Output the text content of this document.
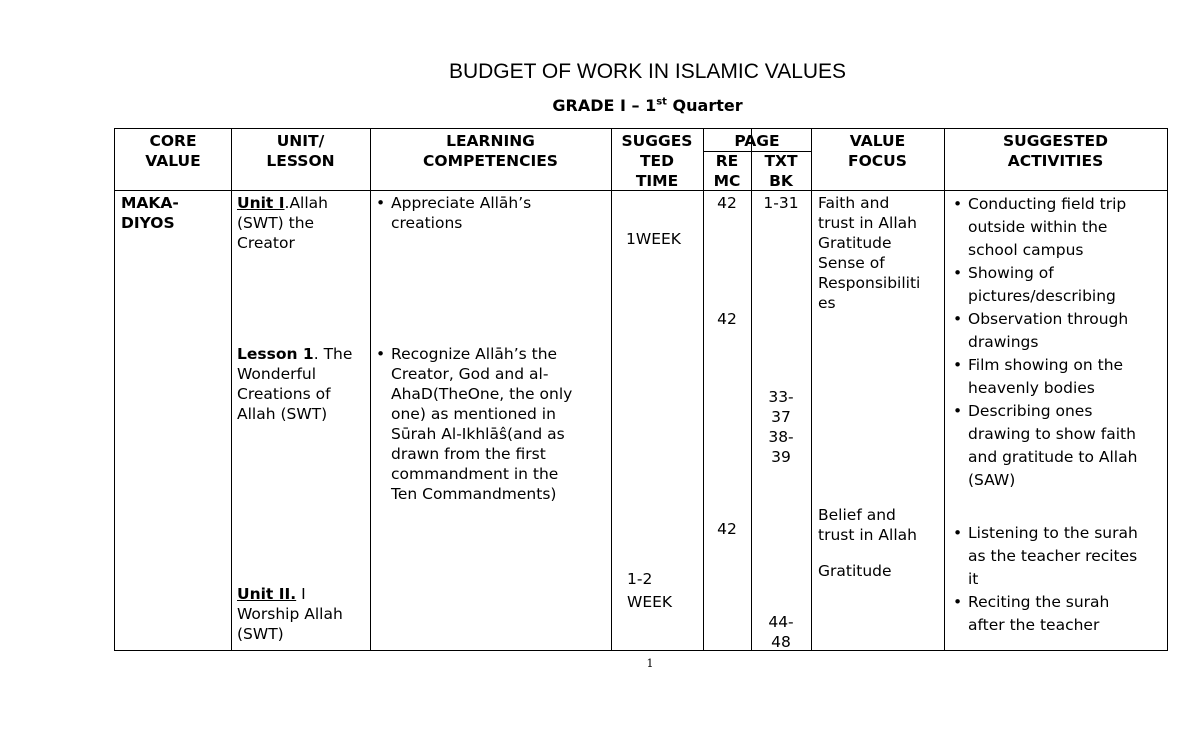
BUDGET OF WORK IN ISLAMIC VALUES
GRADE I – 1st Quarter
CORE
VALUE
UNIT/
LESSON
LEARNING
COMPETENCIES
SUGGES
TED
TIME
PAGE
RE
MC
TXT
BK
VALUE
FOCUS
SUGGESTED
ACTIVITIES
MAKA-
DIYOS
Unit I.Allah
(SWT) the
Creator
Lesson 1. The
Wonderful
Creations of
Allah (SWT)
Unit II. I
Worship Allah
(SWT)
• Appreciate Allāh’s
creations
• Recognize Allāh’s the
Creator, God and al-
AhaD(TheOne, the only
one) as mentioned in
Sūrah Al-Ikhlāŝ(and as
drawn from the first
commandment in the
Ten Commandments)
1WEEK
1-2
WEEK
42
42
42
1-31
33-
37
38-
39
44-
48
Faith and
trust in Allah
Gratitude
Sense of
Responsibiliti
es
Belief and
trust in Allah
Gratitude
• Conducting field trip
outside within the
school campus
• Showing of
pictures/describing
• Observation through
drawings
• Film showing on the
heavenly bodies
• Describing ones
drawing to show faith
and gratitude to Allah
(SAW)
• Listening to the surah
as the teacher recites
it
• Reciting the surah
after the teacher
1
